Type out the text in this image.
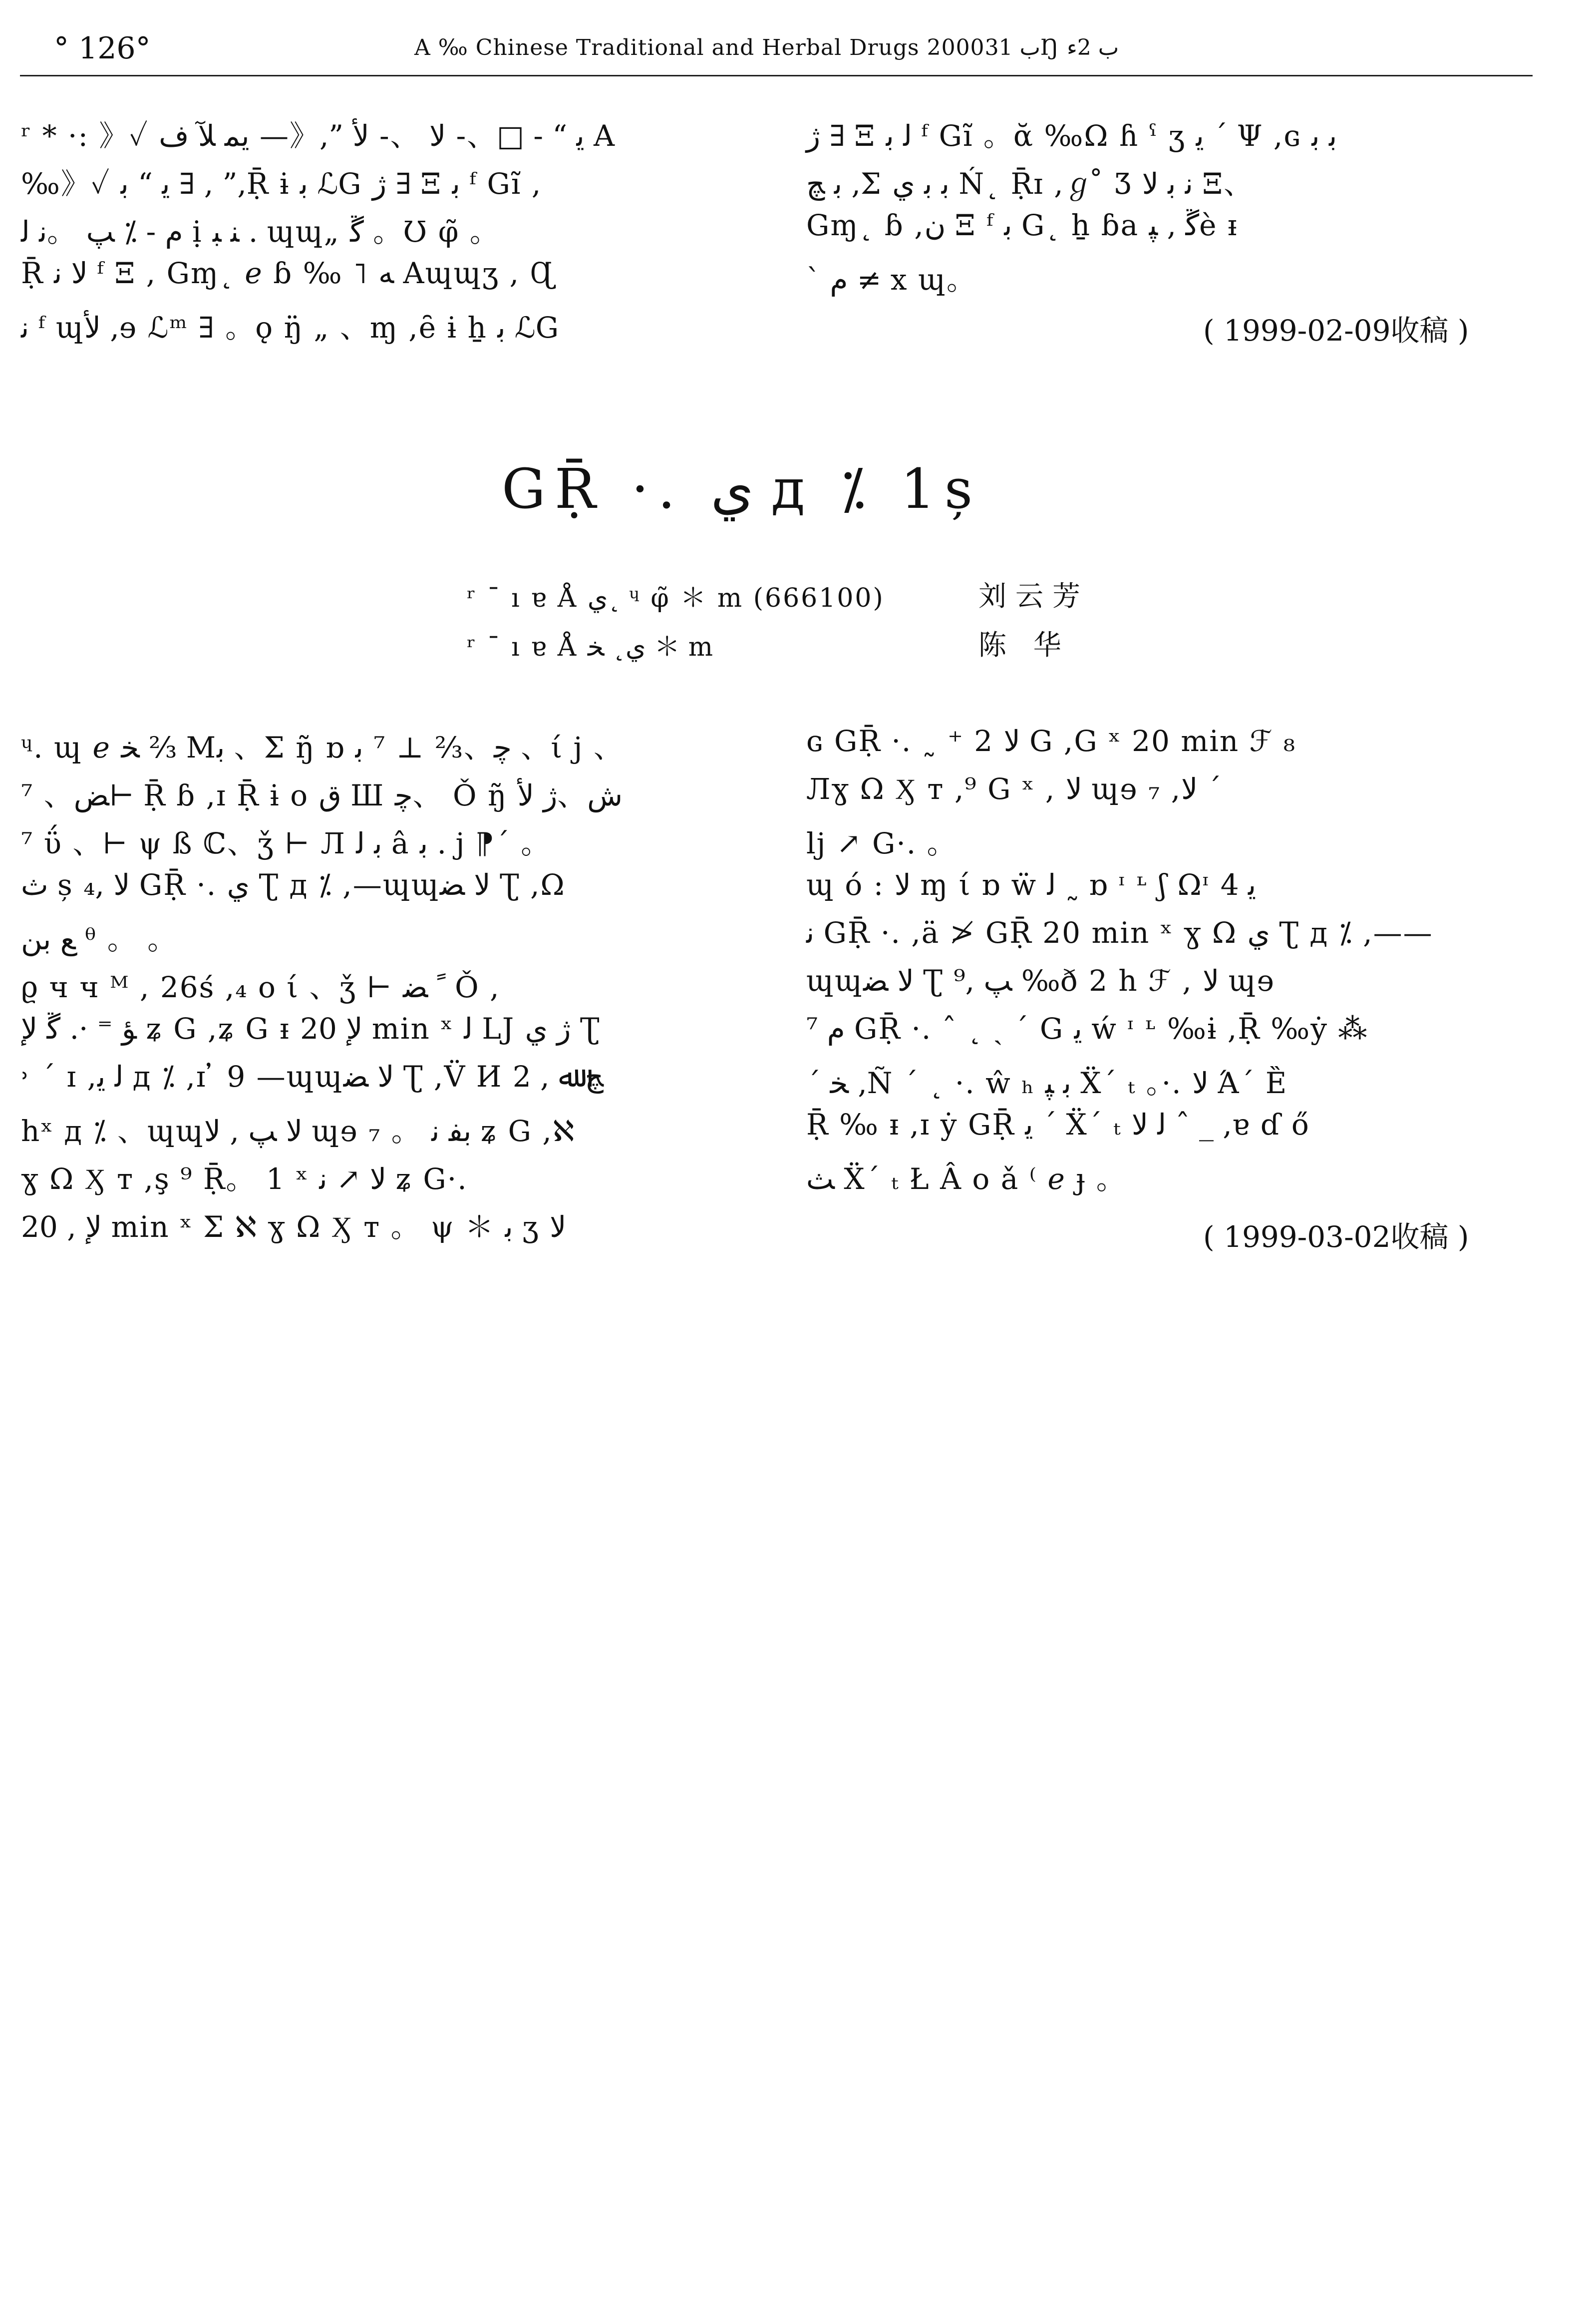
° 126°	A ‰ Chinese Traditional and Herbal Drugs 2000ب 31Ŋ ب 2ء
ʳ * ·: 》✓ ﻳ “ - □、- ﻻ 、- ﻷ ”,《— ﻳﻤ ﻶ ﻑ A
‰》✓ ﻳ “ ﺑ ∃ , ”,Ṝ ɨ ﺑ ℒG ﮊ ∃ Ξ ﺑ ᶠ Gĩ ,
ﻡ - ⁒ ﭗ 。ﻧ ﻟ ị ﻨ ﺒ . ɰɰ„ ﮜ 。Ʊ φ̃ 。
Ṝ ﻻ ﻧ ᶠ Ξ , Gɱ˛ ℯ ɓ ‰ ˥ ﻪ Aɰɰʒ , Ɋ
ﻧ ᶠ ɰﻷ ,ɘ ℒᵐ ∃ 。ǫ ŋ̈ „ 、ɱ ,ȇ ɨ ẖ ﺑ ℒG
ﮊ ∃ Ξ ﻟ ﺑ ᶠ Gĩ 。ᾰ ‰Ω ɦ ˤ ʒ ﻳ ´ Ψ ,ɢ ﺑ ﺑ
ﺑ ﭻ ,Σ ﺑ ﺑ ﻱ Ń˛ Ṝɪ ,ℊ ̊ Ʒ ﻧ ﺑ ﻻ Ξ、
Gɱ˛ ɓ ,ﻥ Ξ ᶠ ﺑ G˛ ẖ ɓa ﮜ , ﭙè ᵻ
` ﻡ ≠ x ɰ。
( 1999-02-09收稿 )
GṜ ·. ﻱ д ⁒ 1ș
ʳ ¯ ı ɐ Å ﻱ˛ ᶣ φ̃ ＊ m (666100)	刘云芳
ʳ ¯ ı ɐ Å ﻱ˛ ﺨ ＊ m	陈 华
ᶣ. ɰ ℯ ﺨ ⅔ Mﺑ 、Σ ŋ̃ ɒ ﭼ、⅔ ⊥ ⁷ ﺑ 、ί j 、
⁷ 、ﺾ⊢ Ṝ ɓ ,ɪ Ṝ ɨ o ﻕ Ш ﭼ、 Ǒ ŋ̃ ﺵ、ﮊ ﻷ
⁷ ΰ 、⊢ ψ ß ℂ、ǯ ⊢ Л ﺑ ﻟ â ﺑ . j ⁋´ 。
ﺙ ș ﻻ ,₄ GṜ ·. ﻱ Ʈ д ⁒ ,—ɰɰﻻ ﻀ Ʈ ,Ω
ﻊ ﺑﻦ ᶿ 。 。
ϱ ч ч ᴹ , 26ś ,₄ o ί 、ǯ ⊢ ﹰ ﻀ Ǒ ,
ﺆ ⁼ ·. ﮜ ﻹ ʑ G ,ʑ G ᵻ ﻹ 20 min ˣ ﻟ LJ ﮊ ﻱ Ʈ
˒ ´ ɪ ,ﻟ ﻳ д ⁒ ,ɪ ̓ 9 —ɰɰﻻ ﻀ Ʈ ,V̈ И ﭻ ﷲ , 2
hˣ д ⁒ 、ɰɰﻻ ﭗ , ﻻ ɰɘ ₇ 。 ﺑﻔ ﻧ ʑ G ,ℵ
ɣ Ω Ӽ т ,ş ⁹ Ṝ。 1 ˣ ﻻ ↗ ﻧ ʑ G·.
ﻹ , 20 min ˣ Σ ℵ ɣ Ω Ӽ т 。 ψ ＊ ﺑ ʒ ﻻ
ɢ GṜ ·. ˷ ⁺ 2 ﻻ G ,G ˣ 20 min ℱ ₈
Лɣ Ω Ӽ т ,⁹ G ˣ , ﻻ ɰɘ ₇ ,ﻻ ´
lj ↗ G·. 。
ɰ ó : ﻻ ɱ ί ɒ ẅ ﻟ ˷ ɒ ᶦ ᶫ ʃ Ωᶦ ﻳ 4
ﻧ GṜ ·. ,ä ≯ GṜ 20 min ˣ ɣ Ω ﻱ Ʈ д ⁒ ,——
ɰɰﻻ ﻀ Ʈ ﭗ ,⁹ ‰ð 2 h ℱ , ﻻ ɰɘ
⁷ ﻡ GṜ ·. ˆ ˛ ˏ ´ G ﻳ ẃ ᶦ ᶫ ‰ɨ ,Ṝ ‰ẏ ⁂
´ ﺨ ,Ñ ´ ˛ ·. ŵ ₕ ﺑ ﭙ Ẍ´ ₜ 。·. ﻻ Ά´ Ȅ
Ṝ ‰ ᵻ ,ɪ ẏ GṜ ﻳ ´ Ẍ´ ₜ ﻟ ﻻ ˆ _ ,ɐ ɗ ő
ﺚ Ẍ´ ₜ Ł Â o ǎ ⁽ ℯ ɟ 。
( 1999-03-02收稿 )
